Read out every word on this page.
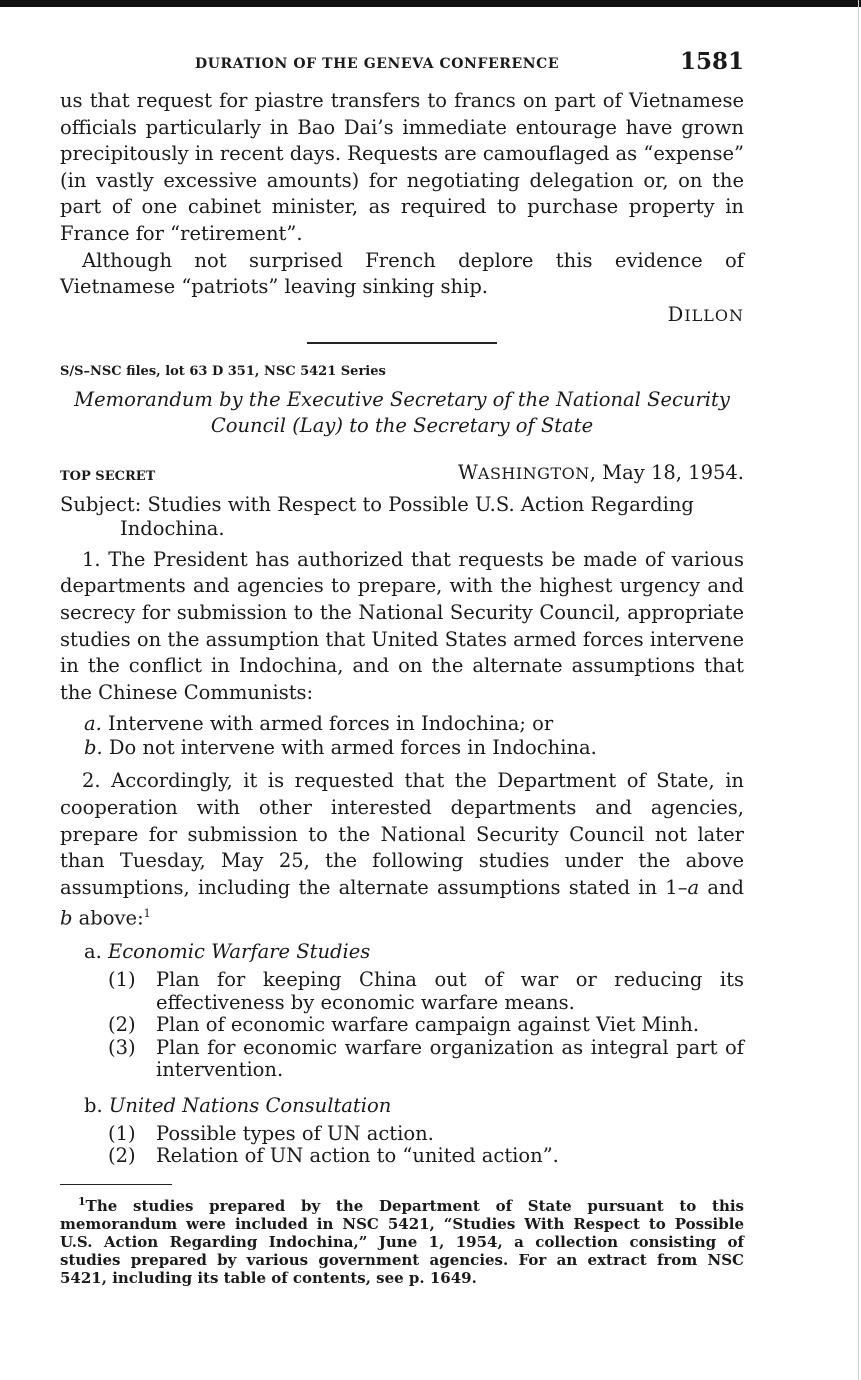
DURATION OF THE GENEVA CONFERENCE	1581

us that request for piastre transfers to francs on part of Vietnamese officials particularly in Bao Dai’s immediate entourage have grown precipitously in recent days. Requests are camouflaged as “expense” (in vastly excessive amounts) for negotiating delegation or, on the part of one cabinet minister, as required to purchase property in France for “retirement”.

Although not surprised French deplore this evidence of Vietnamese “patriots” leaving sinking ship.

DILLON
S/S–NSC files, lot 63 D 351, NSC 5421 Series
Memorandum by the Executive Secretary of the National Security
Council (Lay) to the Secretary of State
TOP SECRET	WASHINGTON, May 18, 1954.
Subject: Studies with Respect to Possible U.S. Action Regarding
Indochina.

1. The President has authorized that requests be made of various departments and agencies to prepare, with the highest urgency and secrecy for submission to the National Security Council, appropriate studies on the assumption that United States armed forces intervene in the conflict in Indochina, and on the alternate assumptions that the Chinese Communists:

a. Intervene with armed forces in Indochina; or
b. Do not intervene with armed forces in Indochina.

2. Accordingly, it is requested that the Department of State, in cooperation with other interested departments and agencies, prepare for submission to the National Security Council not later than Tuesday, May 25, the following studies under the above assumptions, including the alternate assumptions stated in 1–a and b above:$^1$

a. Economic Warfare Studies
(1)	Plan for keeping China out of war or reducing its effectiveness by economic warfare means.
(2)	Plan of economic warfare campaign against Viet Minh.
(3)	Plan for economic warfare organization as integral part of intervention.
b. United Nations Consultation
(1)	Possible types of UN action.
(2)	Relation of UN action to “united action”.
$^1$The studies prepared by the Department of State pursuant to this memorandum were included in NSC 5421, “Studies With Respect to Possible U.S. Action Regarding Indochina,” June 1, 1954, a collection consisting of studies prepared by various government agencies. For an extract from NSC 5421, including its table of contents, see p. 1649.
